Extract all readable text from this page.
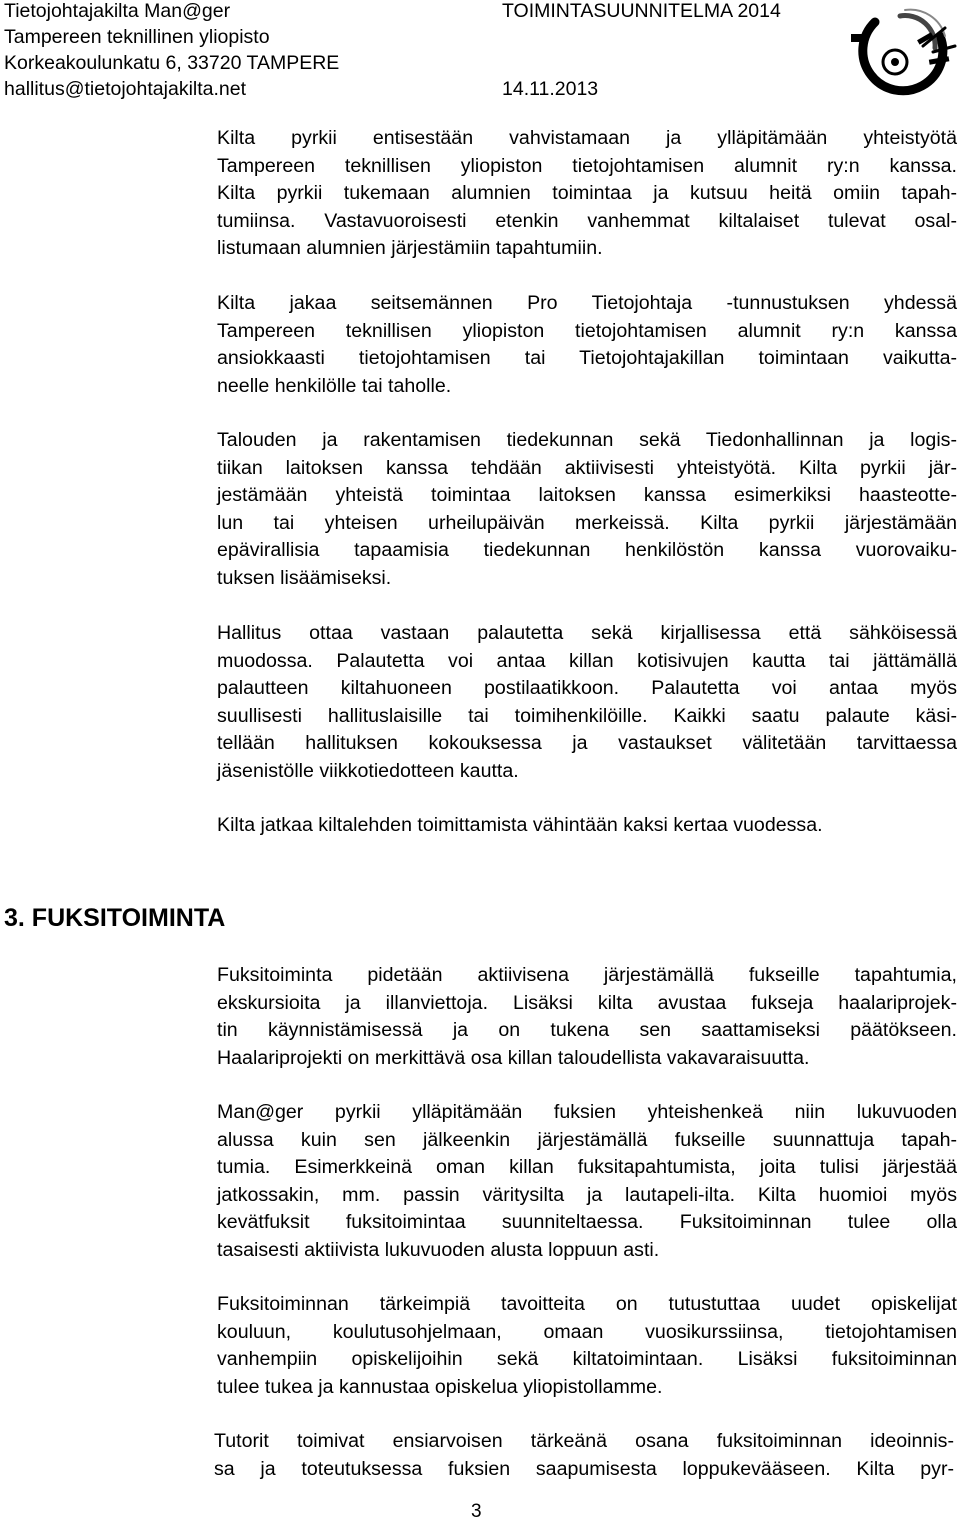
Tietojohtajakilta Man@ger
Tampereen teknillinen yliopisto
Korkeakoulunkatu 6, 33720 TAMPERE
hallitus@tietojohtajakilta.net
TOIMINTASUUNNITELMA 2014
14.11.2013
Kilta pyrkii entisestään vahvistamaan ja ylläpitämään yhteistyötä
Tampereen teknillisen yliopiston tietojohtamisen alumnit ry:n kanssa.
Kilta pyrkii tukemaan alumnien toimintaa ja kutsuu heitä omiin tapah-
tumiinsa. Vastavuoroisesti etenkin vanhemmat kiltalaiset tulevat osal-
listumaan alumnien järjestämiin tapahtumiin.
Kilta jakaa seitsemännen Pro Tietojohtaja -tunnustuksen yhdessä
Tampereen teknillisen yliopiston tietojohtamisen alumnit ry:n kanssa
ansiokkaasti tietojohtamisen tai Tietojohtajakillan toimintaan vaikutta-
neelle henkilölle tai taholle.
Talouden ja rakentamisen tiedekunnan sekä Tiedonhallinnan ja logis-
tiikan laitoksen kanssa tehdään aktiivisesti yhteistyötä. Kilta pyrkii jär-
jestämään yhteistä toimintaa laitoksen kanssa esimerkiksi haasteotte-
lun tai yhteisen urheilupäivän merkeissä. Kilta pyrkii järjestämään
epävirallisia tapaamisia tiedekunnan henkilöstön kanssa vuorovaiku-
tuksen lisäämiseksi.
Hallitus ottaa vastaan palautetta sekä kirjallisessa että sähköisessä
muodossa. Palautetta voi antaa killan kotisivujen kautta tai jättämällä
palautteen kiltahuoneen postilaatikkoon. Palautetta voi antaa myös
suullisesti hallituslaisille tai toimihenkilöille. Kaikki saatu palaute käsi-
tellään hallituksen kokouksessa ja vastaukset välitetään tarvittaessa
jäsenistölle viikkotiedotteen kautta.
Kilta jatkaa kiltalehden toimittamista vähintään kaksi kertaa vuodessa.
3. FUKSITOIMINTA
Fuksitoiminta pidetään aktiivisena järjestämällä fukseille tapahtumia,
ekskursioita ja illanviettoja. Lisäksi kilta avustaa fukseja haalariprojek-
tin käynnistämisessä ja on tukena sen saattamiseksi päätökseen.
Haalariprojekti on merkittävä osa killan taloudellista vakavaraisuutta.
Man@ger pyrkii ylläpitämään fuksien yhteishenkeä niin lukuvuoden
alussa kuin sen jälkeenkin järjestämällä fukseille suunnattuja tapah-
tumia. Esimerkkeinä oman killan fuksitapahtumista, joita tulisi järjestää
jatkossakin, mm. passin väritysilta ja lautapeli-ilta. Kilta huomioi myös
kevätfuksit fuksitoimintaa suunniteltaessa. Fuksitoiminnan tulee olla
tasaisesti aktiivista lukuvuoden alusta loppuun asti.
Fuksitoiminnan tärkeimpiä tavoitteita on tutustuttaa uudet opiskelijat
kouluun, koulutusohjelmaan, omaan vuosikurssiinsa, tietojohtamisen
vanhempiin opiskelijoihin sekä kiltatoimintaan. Lisäksi fuksitoiminnan
tulee tukea ja kannustaa opiskelua yliopistollamme.
Tutorit toimivat ensiarvoisen tärkeänä osana fuksitoiminnan ideoinnis-
sa ja toteutuksessa fuksien saapumisesta loppukevääseen. Kilta pyr-
3
